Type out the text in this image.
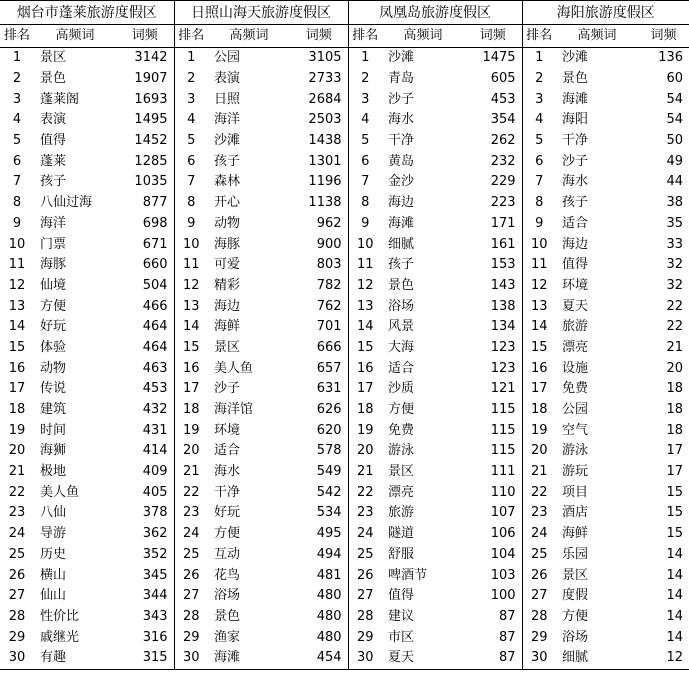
烟台市蓬莱旅游度假区			日照山海天旅游度假区			凤凰岛旅游度假区			海阳旅游度假区		
排名	高频词	词频	排名	高频词	词频	排名	高频词	词频	排名	高频词	词频
1	景区	3142	1	公园	3105	1	沙滩	1475	1	沙滩	136
2	景色	1907	2	表演	2733	2	青岛	605	2	景色	60
3	蓬莱阁	1693	3	日照	2684	3	沙子	453	3	海滩	54
4	表演	1495	4	海洋	2503	4	海水	354	4	海阳	54
5	值得	1452	5	沙滩	1438	5	干净	262	5	干净	50
6	蓬莱	1285	6	孩子	1301	6	黄岛	232	6	沙子	49
7	孩子	1035	7	森林	1196	7	金沙	229	7	海水	44
8	八仙过海	877	8	开心	1138	8	海边	223	8	孩子	38
9	海洋	698	9	动物	962	9	海滩	171	9	适合	35
10	门票	671	10	海豚	900	10	细腻	161	10	海边	33
11	海豚	660	11	可爱	803	11	孩子	153	11	值得	32
12	仙境	504	12	精彩	782	12	景色	143	12	环境	32
13	方便	466	13	海边	762	13	浴场	138	13	夏天	22
14	好玩	464	14	海鲜	701	14	风景	134	14	旅游	22
15	体验	464	15	景区	666	15	大海	123	15	漂亮	21
16	动物	463	16	美人鱼	657	16	适合	123	16	设施	20
17	传说	453	17	沙子	631	17	沙质	121	17	免费	18
18	建筑	432	18	海洋馆	626	18	方便	115	18	公园	18
19	时间	431	19	环境	620	19	免费	115	19	空气	18
20	海狮	414	20	适合	578	20	游泳	115	20	游泳	17
21	极地	409	21	海水	549	21	景区	111	21	游玩	17
22	美人鱼	405	22	干净	542	22	漂亮	110	22	项目	15
23	八仙	378	23	好玩	534	23	旅游	107	23	酒店	15
24	导游	362	24	方便	495	24	隧道	106	24	海鲜	15
25	历史	352	25	互动	494	25	舒服	104	25	乐园	14
26	横山	345	26	花鸟	481	26	啤酒节	103	26	景区	14
27	仙山	344	27	浴场	480	27	值得	100	27	度假	14
28	性价比	343	28	景色	480	28	建议	87	28	方便	14
29	戚继光	316	29	渔家	480	29	市区	87	29	浴场	14
30	有趣	315	30	海滩	454	30	夏天	87	30	细腻	12
